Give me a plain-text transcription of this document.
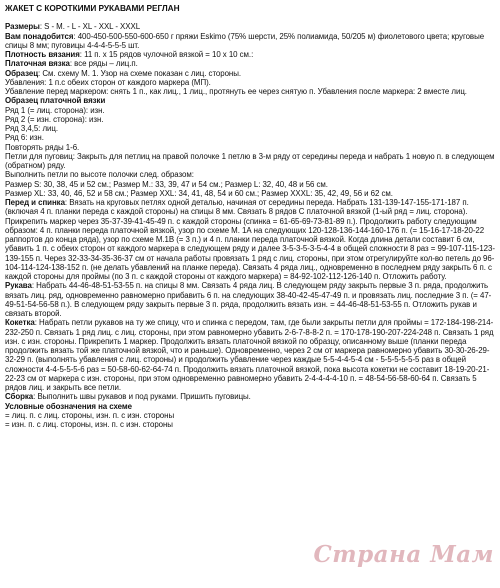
ЖАКЕТ С КОРОТКИМИ РУКАВАМИ РЕГЛАН
Размеры: S - M. - L - XL - XXL - XXXL
Вам понадобится: 400-450-500-550-600-650 г пряжи Eskimo (75% шерсти, 25% полиамида, 50/205 м) фиолетового цвета; круговые спицы 8 мм; пуговицы 4-4-4-5-5-5 шт.
Плотность вязания: 11 п. х 15 рядов чулочной вязкой = 10 х 10 см.:
Платочная вязка: все ряды – лиц.п.
Образец: См. схему М. 1. Узор на схеме показан с лиц. стороны.
Убавления: 1 п.с обеих сторон от каждого маркера (МП).
Убавление перед маркером: снять 1 п., как лиц., 1 лиц., протянуть ее через снятую п. Убавления после маркера: 2 вместе лиц.
Образец платочной вязки
Ряд 1 (= лиц. сторона): изн.
Ряд 2 (= изн. сторона): изн.
Ряд 3,4,5: лиц.
Ряд 6: изн.
Повторять ряды 1-6.
Петли для пуговиц: Закрыть для петлиц на правой полочке 1 петлю в 3-м ряду от середины переда и набрать 1 новую п. в следующем (обратном) ряду.
Выполнить петли по высоте полочки след. образом:
Размер S: 30, 38, 45 и 52 см.; Размер M.: 33, 39, 47 и 54 см.; Размер L: 32, 40, 48 и 56 см.
Размер XL: 33, 40, 46, 52 и 58 см.; Размер XXL: 34, 41, 48, 54 и 60 см.; Размер XXXL: 35, 42, 49, 56 и 62 см.
Перед и спинка: Вязать на круговых петлях одной деталью, начиная от середины переда. Набрать 131-139-147-155-171-187 п. (включая 4 п. планки переда с каждой стороны) на спицы 8 мм. Связать 8 рядов С платочной вязкой (1-ый ряд = лиц. сторона). Прикрепить маркер через 35-37-39-41-45-49 п. с каждой стороны (спинка = 61-65-69-73-81-89 п.). Продолжить работу следующим образом: 4 п. планки переда платочной вязкой, узор по схеме М. 1А на следующих 120-128-136-144-160-176 п. (= 15-16-17-18-20-22 раппортов до конца ряда), узор по схеме М.1В (= 3 п.) и 4 п. планки переда платочной вязкой. Когда длина детали составит 6 см, убавить 1 п. с обеих сторон от каждого маркера в следующем ряду и далее 3-5-3-5-3-5-4-4 в общей сложности 8 раз = 99-107-115-123-139-155 п. Через 32-33-34-35-36-37 см от начала работы провязать 1 ряд с лиц. стороны, при этом отрегулируйте кол-во петель до 96-104-114-124-138-152 п. (не делать убавлений на планке переда). Связать 4 ряда лиц., одновременно в последнем ряду закрыть 6 п. с каждой стороны для проймы (по 3 п. с каждой стороны от каждого маркера) = 84-92-102-112-126-140 п. Отложить работу.
Рукава: Набрать 44-46-48-51-53-55 п. на спицы 8 мм. Связать 4 ряда лиц. В следующем ряду закрыть первые 3 п. ряда, продолжить вязать лиц. ряд, одновременно равномерно прибавить 6 п. на следующих 38-40-42-45-47-49 п. и провязать лиц. последние 3 п. (= 47-49-51-54-56-58 п.). В следующем ряду закрыть первые 3 п. ряда, продолжить вязать изн. = 44-46-48-51-53-55 п. Отложить рукав и связать второй.
Кокетка: Набрать петли рукавов на ту же спицу, что и спинка с передом, там, где были закрыты петли для проймы = 172-184-198-214-232-250 п. Связать 1 ряд лиц. с лиц. стороны, при этом равномерно убавить 2-6-7-8-8-2 п. = 170-178-190-207-224-248 п. Связать 1 ряд изн. с изн. стороны. Прикрепить 1 маркер. Продолжить вязать платочной вязкой по образцу, описанному выше (планки переда продолжить вязать той же платочной вязкой, что и раньше). Одновременно, через 2 см от маркера равномерно убавить 30-30-26-29-32-29 п. (выполнять убавления с лиц. стороны) и продолжить убавление через каждые 5-5-4-4-5-4 см - 5-5-5-5-5-5 раз в общей сложности 4-4-5-5-5-6 раз = 50-58-60-62-64-74 п. Продолжить вязать платочной вязкой, пока высота кокетки не составит 18-19-20-21-22-23 см от маркера с изн. стороны, при этом одновременно равномерно убавить 2-4-4-4-4-10 п. = 48-54-56-58-60-64 п. Связать 5 рядов лиц. и закрыть все петли.
Сборка: Выполнить швы рукавов и под руками. Пришить пуговицы.
Условные обозначения на схеме
= лиц. п. с лиц. стороны, изн. п. с изн. стороны
= изн. п. с лиц. стороны, изн. п. с изн. стороны
Страна Мам
